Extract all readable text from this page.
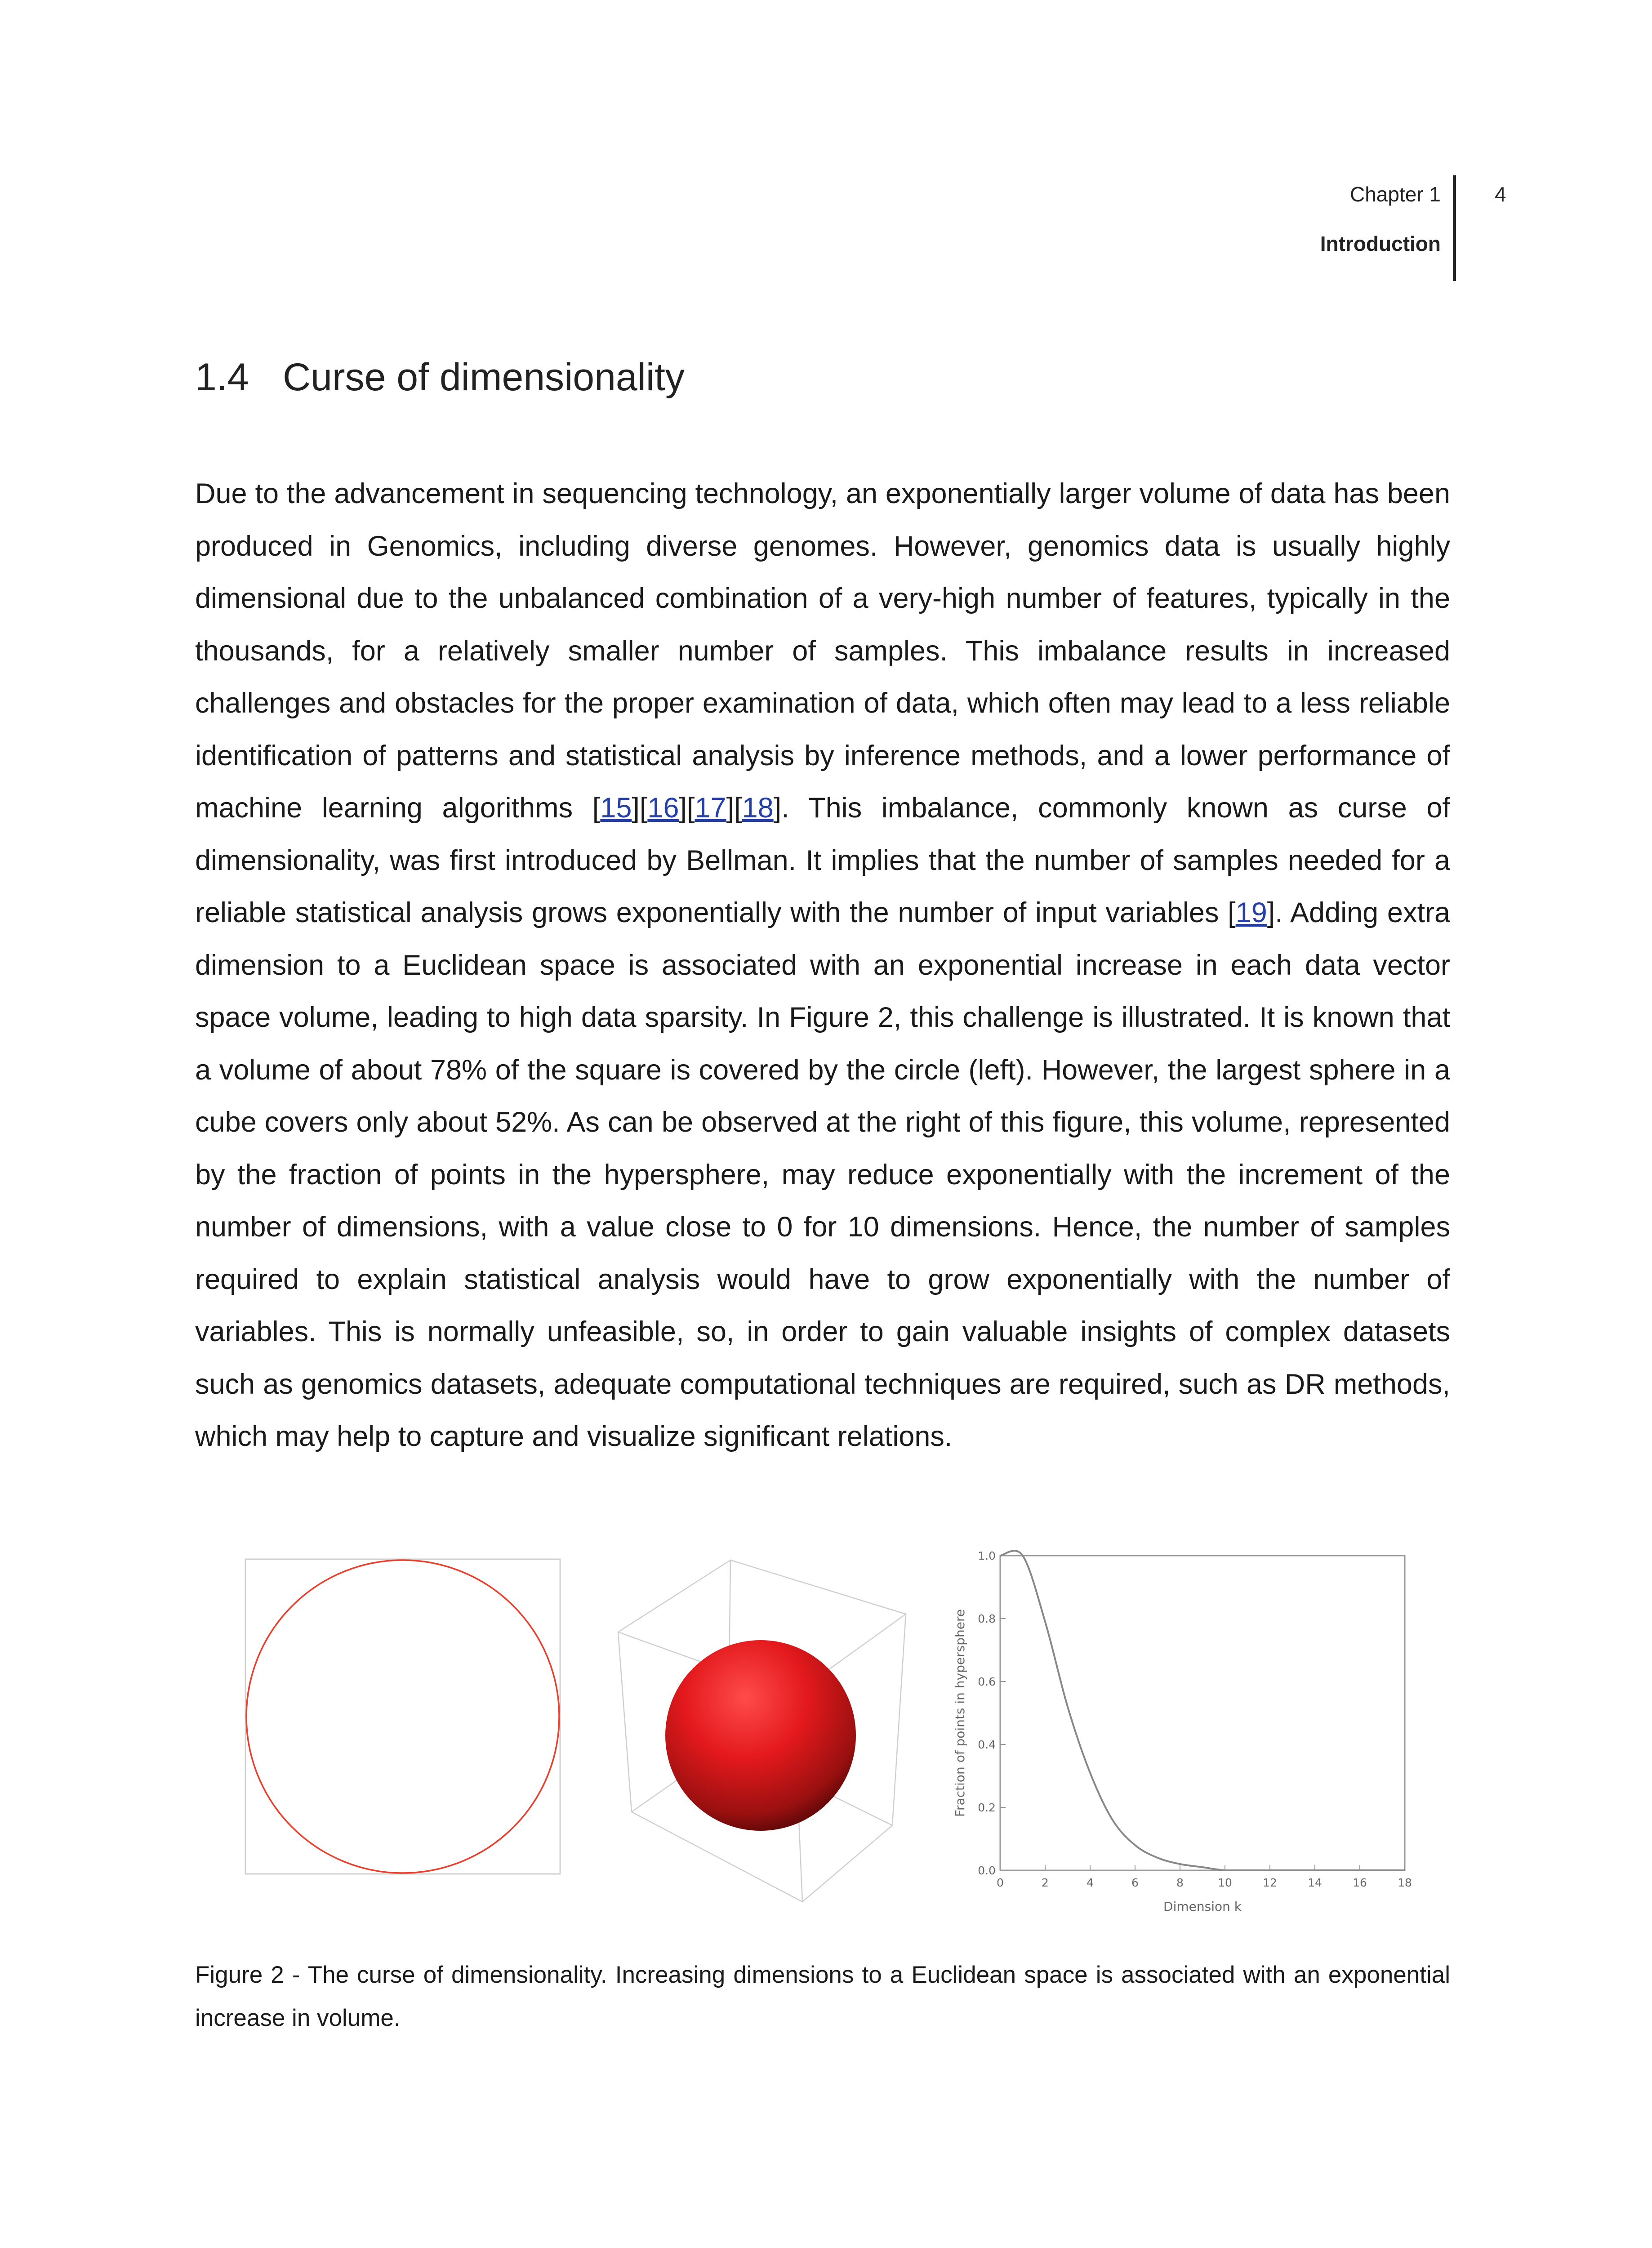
Chapter 1
Introduction
4
1.4 Curse of dimensionality

Due to the advancement in sequencing technology, an exponentially larger volume of data has been produced in Genomics, including diverse genomes. However, genomics data is usually highly dimensional due to the unbalanced combination of a very-high number of features, typically in the thousands, for a relatively smaller number of samples. This imbalance results in increased challenges and obstacles for the proper examination of data, which often may lead to a less reliable identification of patterns and statistical analysis by inference methods, and a lower performance of machine learning algorithms [15][16][17][18]. This imbalance, commonly known as curse of dimensionality, was first introduced by Bellman. It implies that the number of samples needed for a reliable statistical analysis grows exponentially with the number of input variables [19]. Adding extra dimension to a Euclidean space is associated with an exponential increase in each data vector space volume, leading to high data sparsity. In Figure 2, this challenge is illustrated. It is known that a volume of about 78% of the square is covered by the circle (left). However, the largest sphere in a cube covers only about 52%. As can be observed at the right of this figure, this volume, represented by the fraction of points in the hypersphere, may reduce exponentially with the increment of the number of dimensions, with a value close to 0 for 10 dimensions. Hence, the number of samples required to explain statistical analysis would have to grow exponentially with the number of variables. This is normally unfeasible, so, in order to gain valuable insights of complex datasets such as genomics datasets, adequate computational techniques are required, such as DR methods, which may help to capture and visualize significant relations.

0.0
0.2
0.4
0.6
0.8
1.0
0	2	4	6	8	10	12	14	16	18
Dimension k
Fraction of points in hypersphere
Figure 2 - The curse of dimensionality. Increasing dimensions to a Euclidean space is associated with an exponential increase in volume.
